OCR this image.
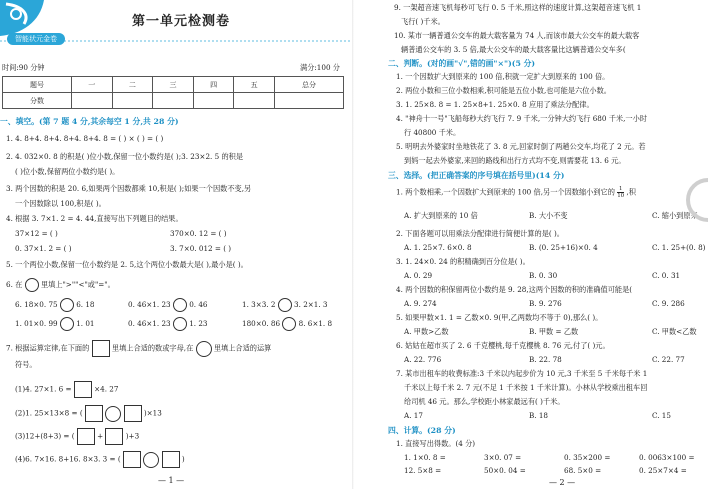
第一单元检测卷
智能状元金卷
时间:90 分钟	满分:100 分
题号	一	二	三	四	五	总分
分数						
一、填空。(第 7 题 4 分,其余每空 1 分,共 28 分)
1. 4. 8+4. 8+4. 8+4. 8+4. 8 = ( ) × ( ) = ( )
2. 4. 032×0. 8 的积是( )位小数,保留一位小数约是( );3. 23×2. 5 的积是
( )位小数,保留两位小数约是( )。
3. 两个因数的积是 20. 6,如果两个因数都乘 10,积是( );如果一个因数不变,另
一个因数除以 100,积是( )。
4. 根据 3. 7×1. 2 = 4. 44,直接写出下列题目的结果。
37×12 = ( )	370×0. 12 = ( )
0. 37×1. 2 = ( )	3. 7×0. 012 = ( )
5. 一个两位小数,保留一位小数约是 2. 5,这个两位小数最大是( ),最小是( )。
6. 在	里填上">""<"或"="。
6. 18×0. 75	6. 18	0. 46×1. 23	0. 46	1. 3×3. 2	3. 2×1. 3
1. 01×0. 99	1. 01	0. 46×1. 23	1. 23	180×0. 86	8. 6×1. 8
7. 根据运算定律,在下面的	里填上合适的数或字母,在	里填上合适的运算
符号。
(1)4. 27×1. 6 =	×4. 27
(2)1. 25×13×8 = (	)×13
(3)12+(8+3) = (	+	)+3
(4)6. 7×16. 8+16. 8×3. 3 = (	)
— 1 —
9. 一架超音速飞机每秒可飞行 0. 5 千米,照这样的速度计算,这架超音速飞机 1
飞行( )千米。
10. 某市一辆普通公交车的最大载客量为 74 人,而该市最大公交车的最大载客
辆普通公交车的 3. 5 倍,最大公交车的最大载客量比这辆普通公交车多(
二、判断。(对的画"√",错的画"×")(5 分)
1. 一个因数扩大到原来的 100 倍,积就一定扩大到原来的 100 倍。
2. 两位小数和三位小数相乘,积可能是五位小数,也可能是六位小数。
3. 1. 25×8. 8 = 1. 25×8+1. 25×0. 8 应用了乘法分配律。
4. "神舟十一号"飞船每秒大约飞行 7. 9 千米,一分钟大约飞行 680 千米,一小时
行 40800 千米。
5. 明明去外婆家时坐地铁花了 3. 8 元,回家时倒了两趟公交车,均花了 2 元。若
到妈一起去外婆家,来回的路线和出行方式均不变,则需要花 13. 6 元。
三、选择。(把正确答案的序号填在括号里)(14 分)
1. 两个数相乘,一个因数扩大到原来的 100 倍,另一个因数缩小到它的 $\frac{1}{10}$ ,积
A. 扩大到原来的 10 倍	B. 大小不变	C. 缩小到原来
2. 下面各题可以用乘法分配律进行简便计算的是( )。
A. 1. 25×7. 6×0. 8	B. (0. 25+16)×0. 4	C. 1. 25+(0. 8)
3. 1. 24×0. 24 的积精确到百分位是( )。
A. 0. 29	B. 0. 30	C. 0. 31
4. 两个因数的积保留两位小数约是 9. 28,这两个因数的积的准确值可能是(
A. 9. 274	B. 9. 276	C. 9. 286
5. 如果甲数×1. 1 = 乙数×0. 9(甲,乙两数均不等于 0),那么( )。
A. 甲数>乙数	B. 甲数 = 乙数	C. 甲数<乙数
6. 姑姑在超市买了 2. 6 千克樱桃,每千克樱桃 8. 76 元,付了( )元。
A. 22. 776	B. 22. 78	C. 22. 77
7. 某市出租车的收费标准:3 千米以内起步价为 10 元,3 千米至 5 千米每千米 1
千米以上每千米 2. 7 元(不足 1 千米按 1 千米计算)。小林从学校乘出租车回
给司机 46 元。那么,学校距小林家最远有( )千米。
A. 17	B. 18	C. 15
四、计算。(28 分)
1. 直接写出得数。(4 分)
1. 1×0. 8 =	3×0. 07 =	0. 35×200 =	0. 0063×100 =
12. 5×8 =	50×0. 04 =	68. 5×0 =	0. 25×7×4 =
— 2 —
